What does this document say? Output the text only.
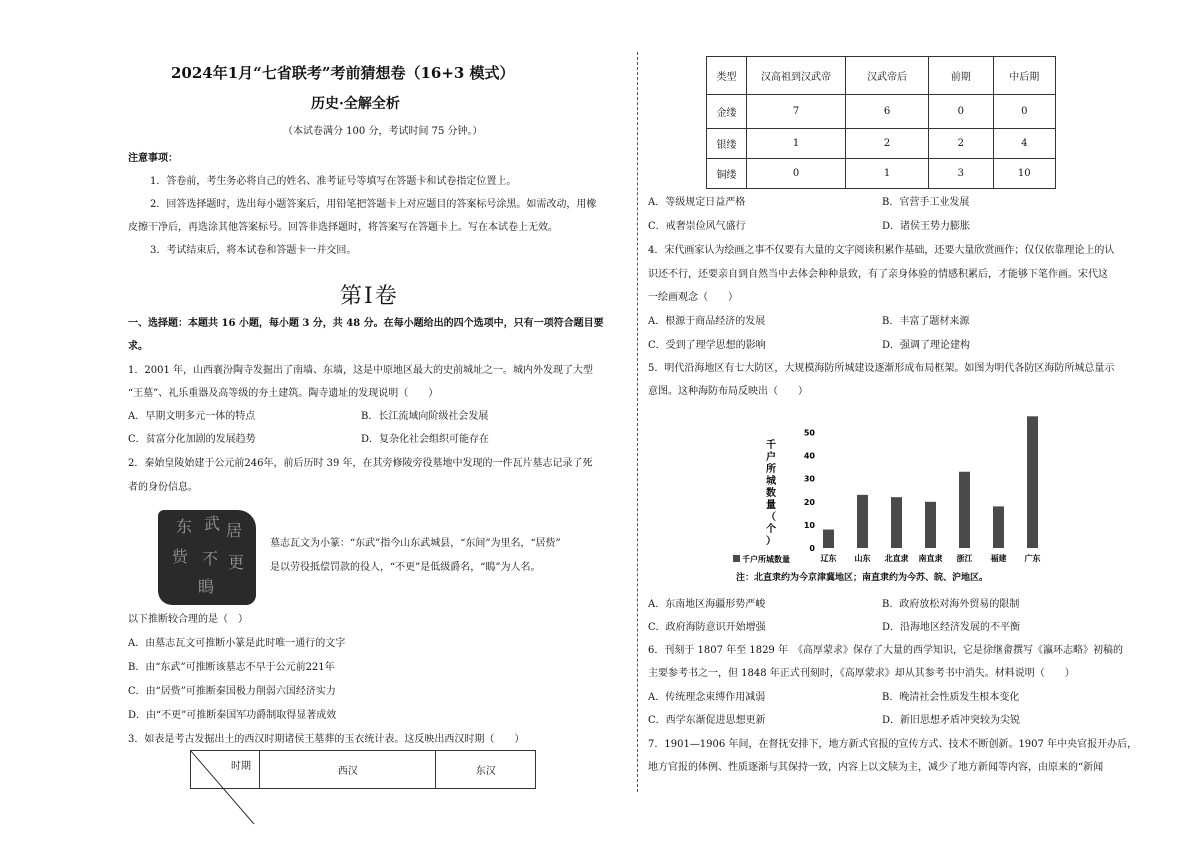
2024年1月“七省联考”考前猜想卷（16+3 模式）
历史·全解全析
（本试卷满分 100 分，考试时间 75 分钟。）
注意事项：
1．答卷前，考生务必将自己的姓名、准考证号等填写在答题卡和试卷指定位置上。
2．回答选择题时，选出每小题答案后，用铅笔把答题卡上对应题目的答案标号涂黑。如需改动，用橡
皮擦干净后，再选涂其他答案标号。回答非选择题时，将答案写在答题卡上。写在本试卷上无效。
3．考试结束后，将本试卷和答题卡一并交回。
第Ⅰ卷
一、选择题：本题共 16 小题，每小题 3 分，共 48 分。在每小题给出的四个选项中，只有一项符合题目要
求。
1．2001 年，山西襄汾陶寺发掘出了南墙、东墙，这是中原地区最大的史前城址之一。城内外发现了大型
“王墓”、礼乐重器及高等级的夯土建筑。陶寺遗址的发现说明（　　）
A．早期文明多元一体的特点	B．长江流域向阶级社会发展
C．贫富分化加剧的发展趋势	D．复杂化社会组织可能存在
2．秦始皇陵始建于公元前246年，前后历时 39 年，在其旁修陵旁役墓地中发现的一件瓦片墓志记录了死
者的身份信息。
东 武 居
赀 不 更
瞗
墓志瓦文为小篆：“东武”指今山东武城县，“东间”为里名，“居赀”
是以劳役抵偿罚款的役人，“不更”是低级爵名，“瞗”为人名。
以下推断较合理的是（　）
A．由墓志瓦文可推断小篆是此时唯一通行的文字
B．由“东武”可推断该墓志不早于公元前221年
C．由“居赀”可推断秦国极力削弱六国经济实力
D．由“不更”可推断秦国军功爵制取得显著成效
3．如表是考古发掘出土的西汉时期诸侯王墓葬的玉衣统计表。这反映出西汉时期（　　）
时期	西汉	东汉
类型	汉高祖到汉武帝	汉武帝后	前期	中后期
金缕	7	6	0	0
银缕	1	2	2	4
铜缕	0	1	3	10
A．等级规定日益严格	B．官营手工业发展
C．戒奢崇俭风气盛行	D．诸侯王势力膨胀
4．宋代画家认为绘画之事不仅要有大量的文字阅读积累作基础，还要大量欣赏画作；仅仅依靠理论上的认
识还不行，还要亲自到自然当中去体会种种景致，有了亲身体验的情感积累后，才能够下笔作画。宋代这
一绘画观念（　　）
A．根源于商品经济的发展	B．丰富了题材来源
C．受到了理学思想的影响	D．强调了理论建构
5．明代沿海地区有七大防区，大规模海防所城建设逐渐形成布局框架。如图为明代各防区海防所城总量示
意图。这种海防布局反映出（　　）
千
户
所
城
数
量
（
个
）
0
10
20
30
40
50
辽东 山东 北直隶 南直隶 浙江 福建 广东
千户所城数量
注：北直隶约为今京津冀地区；南直隶约为今苏、皖、沪地区。
A．东南地区海疆形势严峻	B．政府放松对海外贸易的限制
C．政府海防意识开始增强	D．沿海地区经济发展的不平衡
6．刊刻于 1807 年至 1829 年　《高厚蒙求》保存了大量的西学知识，它是徐继畬撰写《瀛环志略》初稿的
主要参考书之一，但 1848 年正式刊刻时，《高厚蒙求》却从其参考书中消失。材料说明（　　）
A．传统理念束缚作用减弱	B．晚清社会性质发生根本变化
C．西学东渐促进思想更新	D．新旧思想矛盾冲突较为尖锐
7．1901—1906 年间，在督抚安排下，地方新式官报的宣传方式、技术不断创新。1907 年中央官报开办后，
地方官报的体例、性质逐渐与其保持一致，内容上以文牍为主，减少了地方新闻等内容，由原来的“新闻
